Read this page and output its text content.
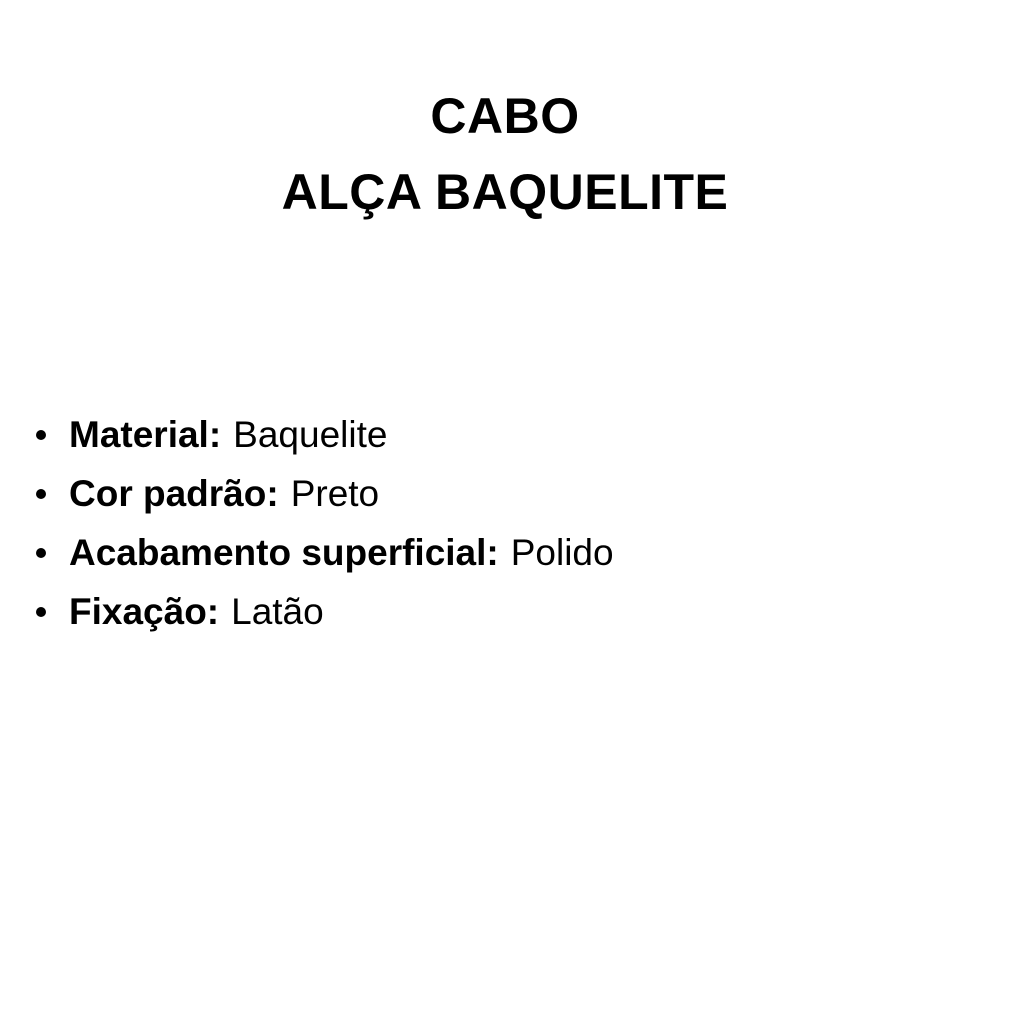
CABO
ALÇA BAQUELITE
Material: Baquelite
Cor padrão: Preto
Acabamento superficial: Polido
Fixação: Latão
